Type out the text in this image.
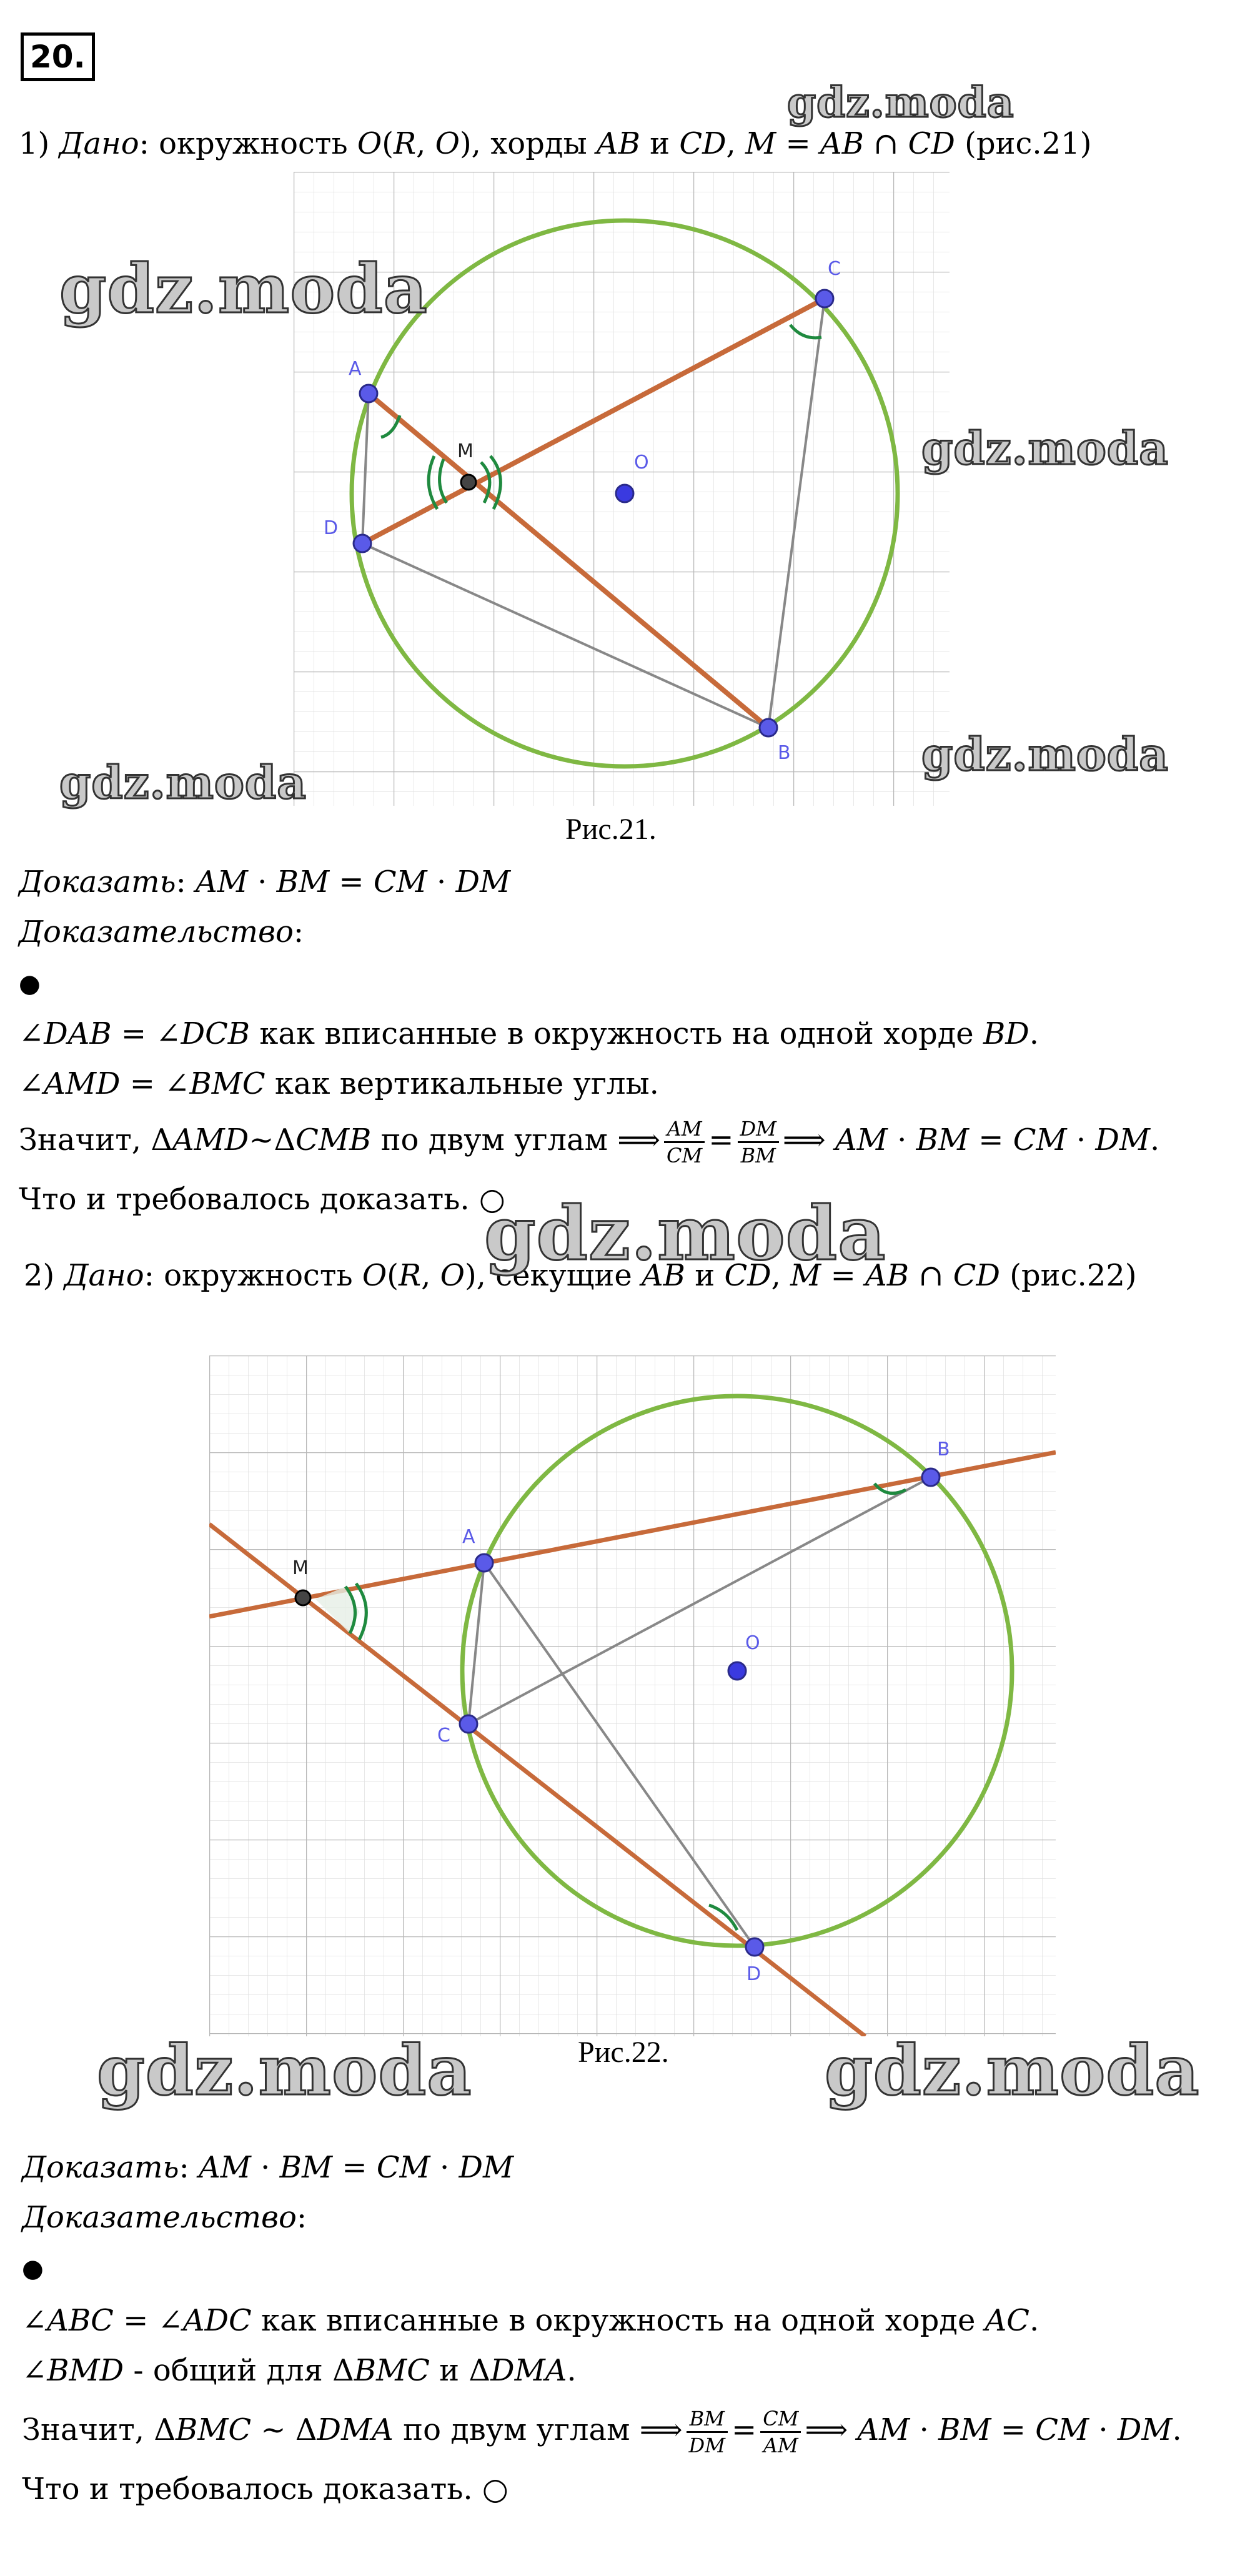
20.
1) Дано: окружность 𝑂(𝑅, 𝑂), хорды 𝐴𝐵 и 𝐶𝐷, 𝑀 = 𝐴𝐵 ∩ 𝐶𝐷 (рис.21)
A
D
C
B
O
M
Рис.21.
Доказать: 𝐴𝑀 · 𝐵𝑀 = 𝐶𝑀 · 𝐷𝑀
Доказательство:
●
∠𝐷𝐴𝐵 = ∠𝐷𝐶𝐵 как вписанные в окружность на одной хорде 𝐵𝐷.
∠𝐴𝑀𝐷 = ∠𝐵𝑀𝐶 как вертикальные углы.
Значит, Δ𝐴𝑀𝐷~Δ𝐶𝑀𝐵 по двум углам ⟹ $\frac{\text{𝐴𝑀}}{\text{𝐶𝑀}} = \frac{\text{𝐷𝑀}}{\text{𝐵𝑀}}$ ⟹ 𝐴𝑀 · 𝐵𝑀 = 𝐶𝑀 · 𝐷𝑀.
Что и требовалось доказать. ○
2) Дано: окружность 𝑂(𝑅, 𝑂), секущие 𝐴𝐵 и 𝐶𝐷, 𝑀 = 𝐴𝐵 ∩ 𝐶𝐷 (рис.22)
A
B
C
D
O
M
Рис.22.
Доказать: 𝐴𝑀 · 𝐵𝑀 = 𝐶𝑀 · 𝐷𝑀
Доказательство:
●
∠𝐴𝐵𝐶 = ∠𝐴𝐷𝐶 как вписанные в окружность на одной хорде 𝐴𝐶.
∠𝐵𝑀𝐷 - общий для Δ𝐵𝑀𝐶 и Δ𝐷𝑀𝐴.
Значит, Δ𝐵𝑀𝐶 ~ Δ𝐷𝑀𝐴 по двум углам ⟹ $\frac{\text{𝐵𝑀}}{\text{𝐷𝑀}} = \frac{\text{𝐶𝑀}}{\text{𝐴𝑀}}$ ⟹ 𝐴𝑀 · 𝐵𝑀 = 𝐶𝑀 · 𝐷𝑀.
Что и требовалось доказать. ○
gdz.moda
gdz.moda
gdz.moda
gdz.moda
gdz.moda
gdz.moda
gdz.moda	gdz.moda
